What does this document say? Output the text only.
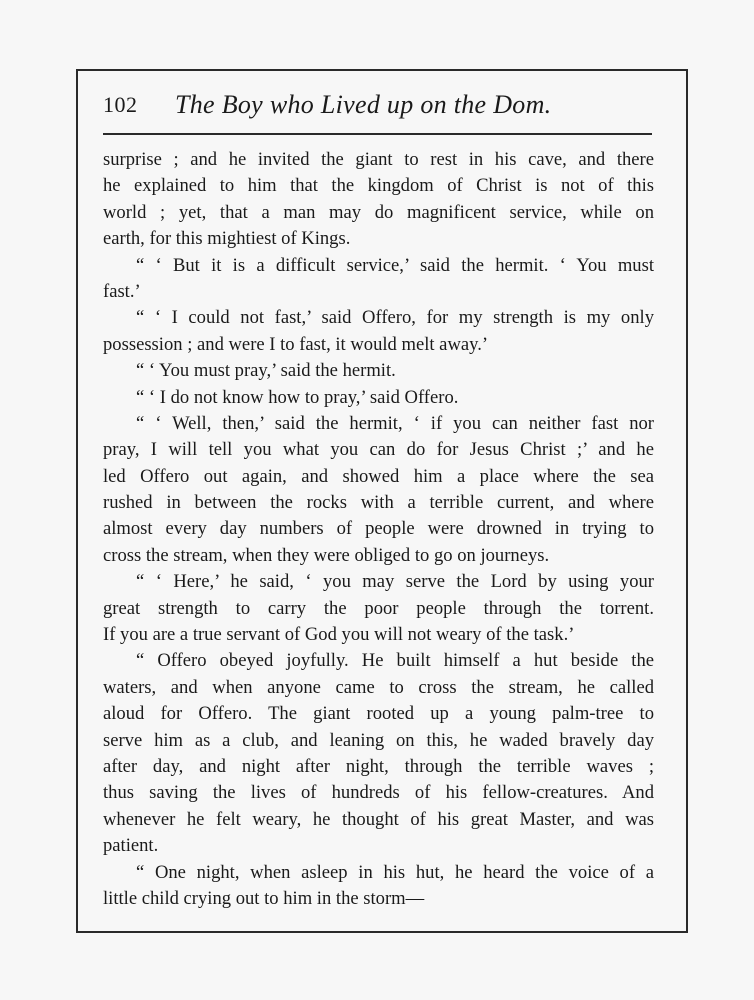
102 The Boy who Lived up on the Dom.
surprise ; and he invited the giant to rest in his cave, and there
he explained to him that the kingdom of Christ is not of this
world ; yet, that a man may do magnificent service, while on
earth, for this mightiest of Kings.
“ ‘ But it is a difficult service,’ said the hermit. ‘ You must
fast.’
“ ‘ I could not fast,’ said Offero, for my strength is my only
possession ; and were I to fast, it would melt away.’
“ ‘ You must pray,’ said the hermit.
“ ‘ I do not know how to pray,’ said Offero.
“ ‘ Well, then,’ said the hermit, ‘ if you can neither fast nor
pray, I will tell you what you can do for Jesus Christ ;’ and he
led Offero out again, and showed him a place where the sea
rushed in between the rocks with a terrible current, and where
almost every day numbers of people were drowned in trying to
cross the stream, when they were obliged to go on journeys.
“ ‘ Here,’ he said, ‘ you may serve the Lord by using your
great strength to carry the poor people through the torrent.
If you are a true servant of God you will not weary of the task.’
“ Offero obeyed joyfully. He built himself a hut beside the
waters, and when anyone came to cross the stream, he called
aloud for Offero. The giant rooted up a young palm-tree to
serve him as a club, and leaning on this, he waded bravely day
after day, and night after night, through the terrible waves ;
thus saving the lives of hundreds of his fellow-creatures. And
whenever he felt weary, he thought of his great Master, and was
patient.
“ One night, when asleep in his hut, he heard the voice of a
little child crying out to him in the storm—
